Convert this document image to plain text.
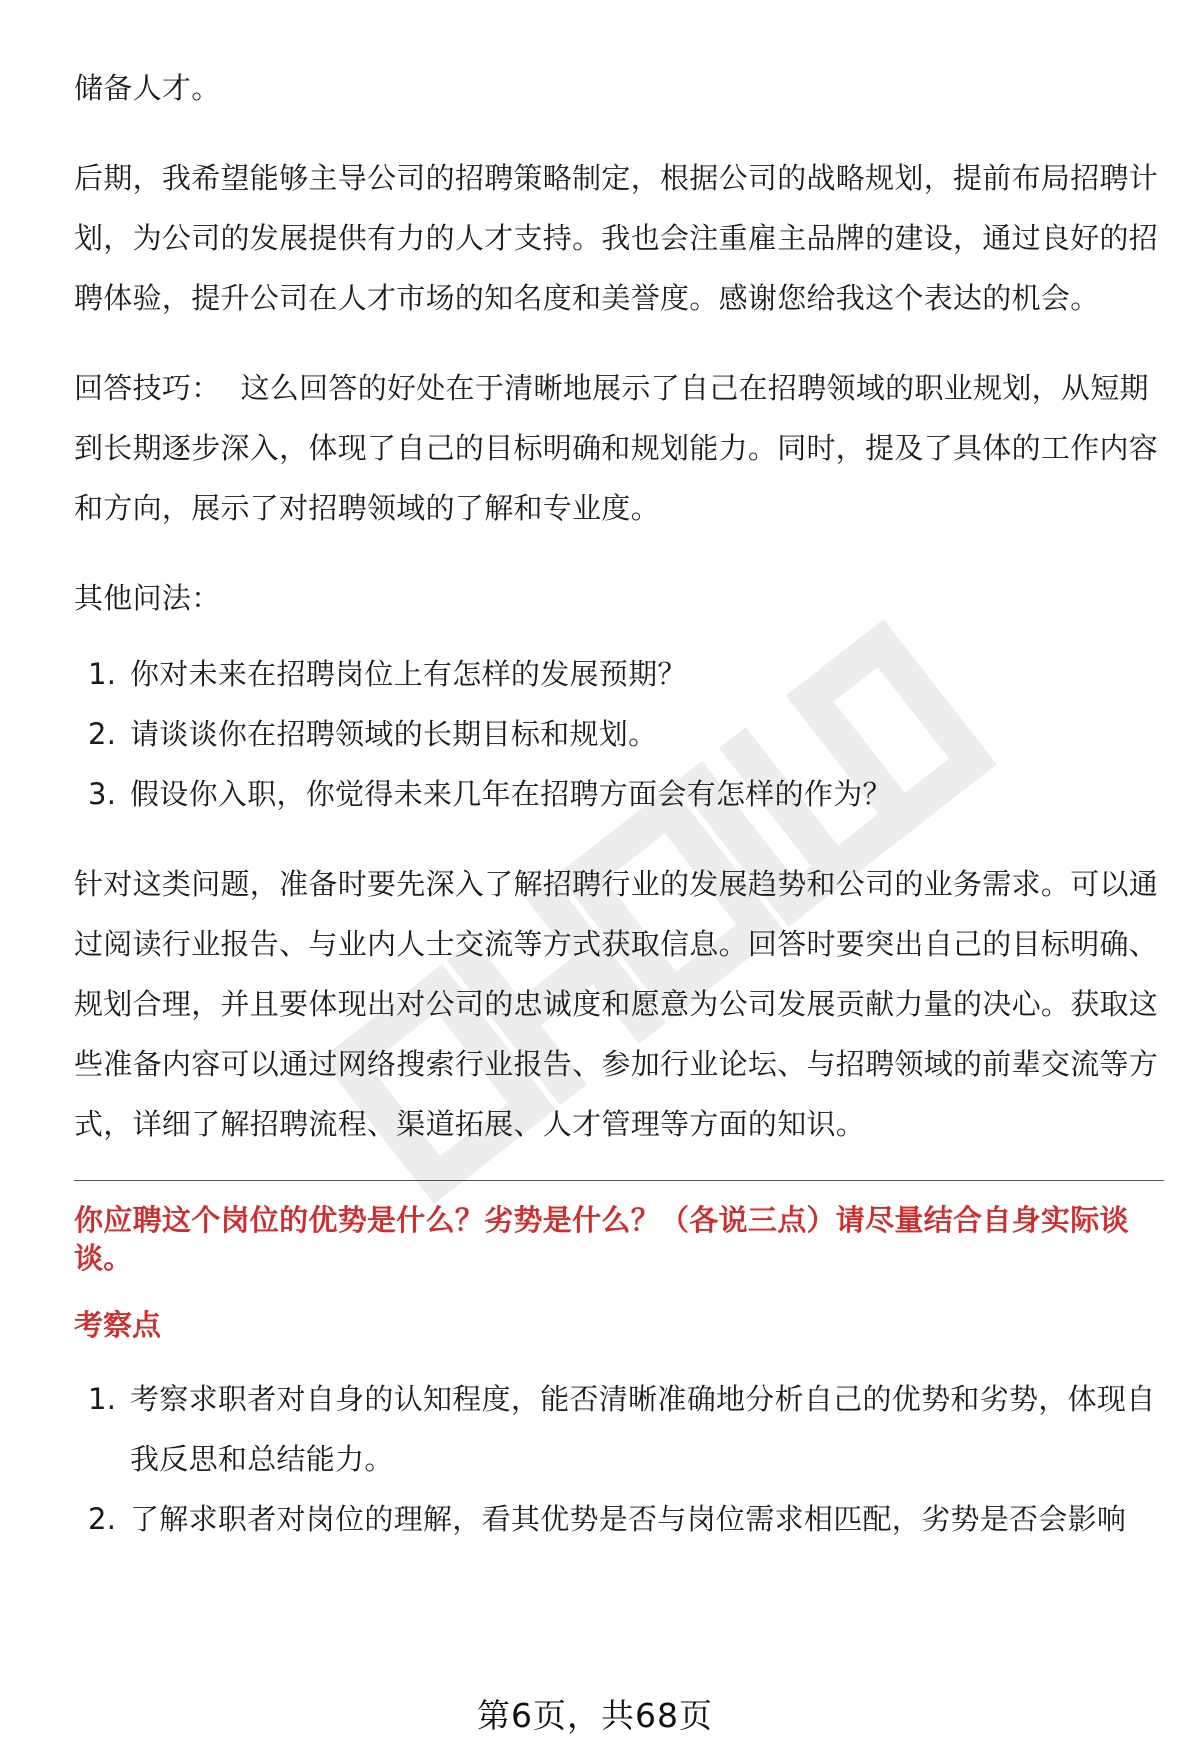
储备人才。

后期，我希望能够主导公司的招聘策略制定，根据公司的战略规划，提前布局招聘计划，为公司的发展提供有力的人才支持。我也会注重雇主品牌的建设，通过良好的招聘体验，提升公司在人才市场的知名度和美誉度。感谢您给我这个表达的机会。

回答技巧： 这么回答的好处在于清晰地展示了自己在招聘领域的职业规划，从短期到长期逐步深入，体现了自己的目标明确和规划能力。同时，提及了具体的工作内容和方向，展示了对招聘领域的了解和专业度。

其他问法：

1. 你对未来在招聘岗位上有怎样的发展预期？
2. 请谈谈你在招聘领域的长期目标和规划。
3. 假设你入职，你觉得未来几年在招聘方面会有怎样的作为？

针对这类问题，准备时要先深入了解招聘行业的发展趋势和公司的业务需求。可以通过阅读行业报告、与业内人士交流等方式获取信息。回答时要突出自己的目标明确、规划合理，并且要体现出对公司的忠诚度和愿意为公司发展贡献力量的决心。获取这些准备内容可以通过网络搜索行业报告、参加行业论坛、与招聘领域的前辈交流等方式，详细了解招聘流程、渠道拓展、人才管理等方面的知识。

你应聘这个岗位的优势是什么？劣势是什么？（各说三点）请尽量结合自身实际谈谈。

考察点

1. 考察求职者对自身的认知程度，能否清晰准确地分析自己的优势和劣势，体现自我反思和总结能力。
2. 了解求职者对岗位的理解，看其优势是否与岗位需求相匹配，劣势是否会影响
第6页，共68页
